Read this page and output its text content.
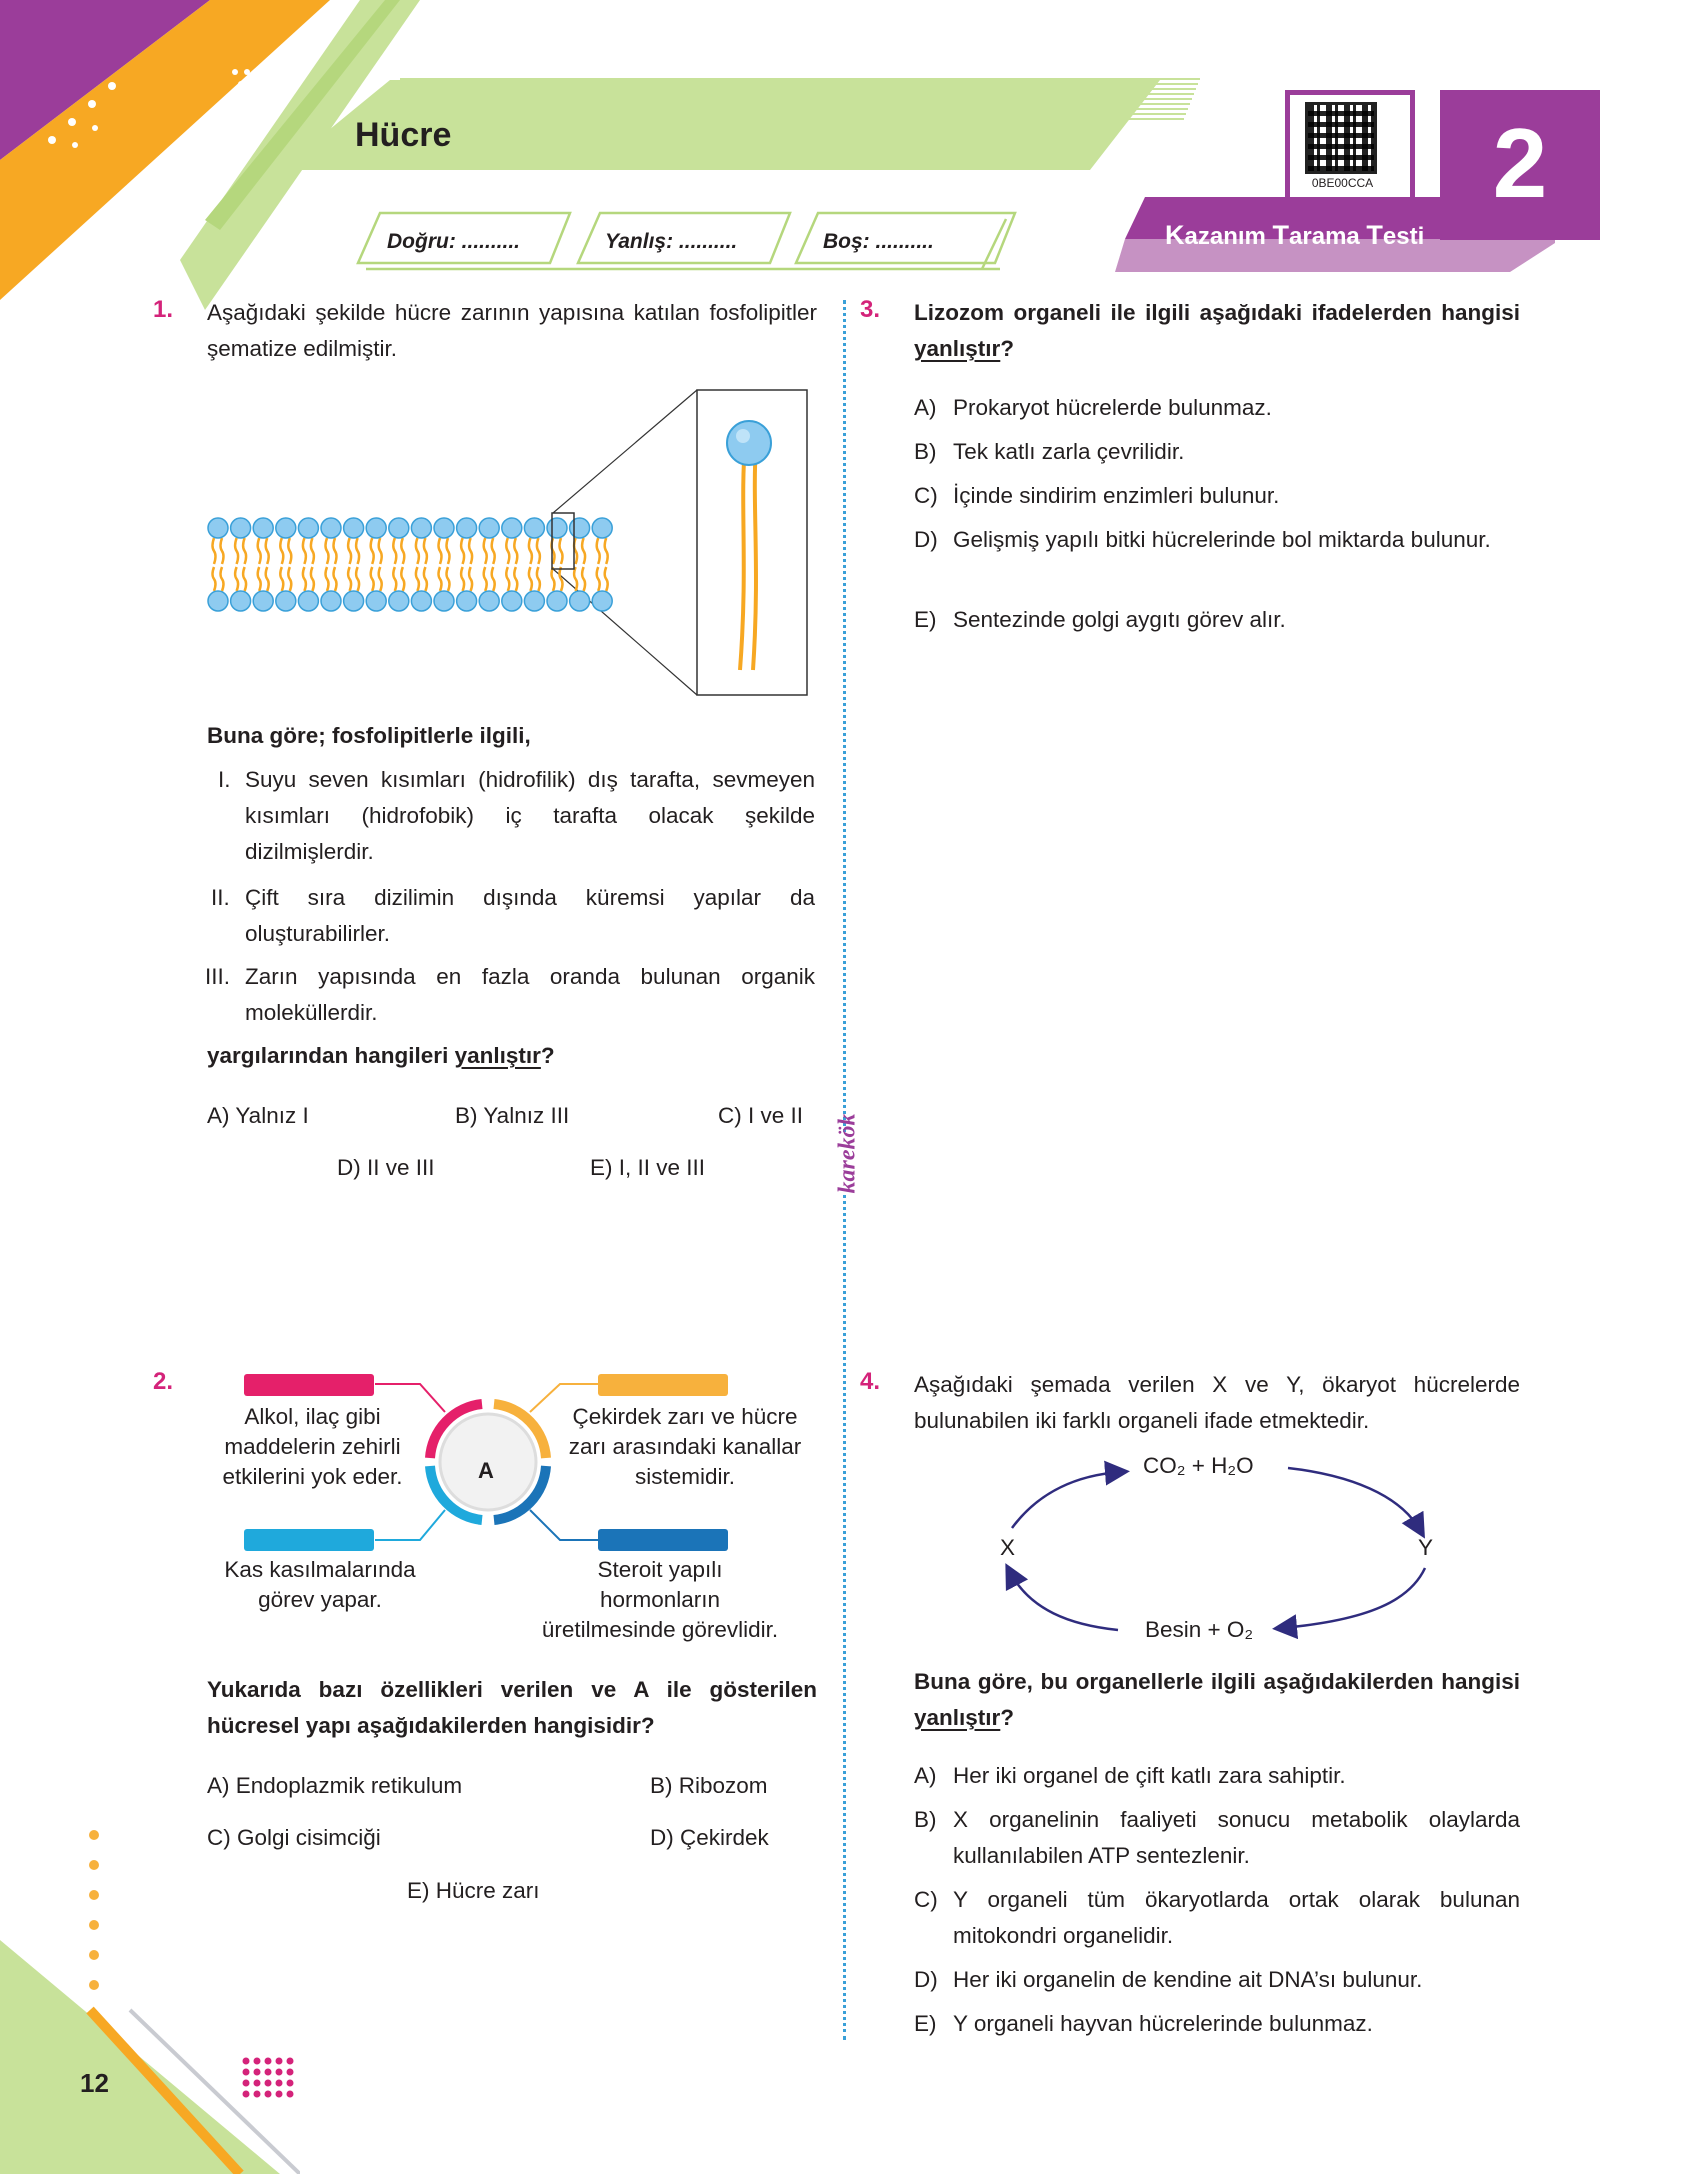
12
Hücre
Doğru: ..........	Yanlış: ..........	Boş: ..........
0BE00CCA
Kazanım Tarama Testi
2
karekök
1. Aşağıdaki şekilde hücre zarının yapısına katılan fosfolipitler şematize edilmiştir.
Buna göre; fosfolipitlerle ilgili,
I. Suyu seven kısımları (hidrofilik) dış tarafta, sevmeyen kısımları (hidrofobik) iç tarafta olacak şekilde dizilmişlerdir.
II. Çift sıra dizilimin dışında küremsi yapılar da oluşturabilirler.
III. Zarın yapısında en fazla oranda bulunan organik moleküllerdir.
yargılarından hangileri yanlıştır?
A) Yalnız I	B) Yalnız III	C) I ve II
D) II ve III	E) I, II ve III
2.
A
Alkol, ilaç gibi maddelerin zehirli etkilerini yok eder.
Çekirdek zarı ve hücre zarı arasındaki kanallar sistemidir.
Kas kasılmalarında görev yapar.
Steroit yapılı hormonların üretilmesinde görevlidir.
Yukarıda bazı özellikleri verilen ve A ile gösterilen hücresel yapı aşağıdakilerden hangisidir?
A) Endoplazmik retikulum	B) Ribozom
C) Golgi cisimciği	D) Çekirdek
E) Hücre zarı
3. Lizozom organeli ile ilgili aşağıdaki ifadelerden hangisi yanlıştır?
A) Prokaryot hücrelerde bulunmaz.
B) Tek katlı zarla çevrilidir.
C) İçinde sindirim enzimleri bulunur.
D) Gelişmiş yapılı bitki hücrelerinde bol miktarda bulunur.
E) Sentezinde golgi aygıtı görev alır.
4. Aşağıdaki şemada verilen X ve Y, ökaryot hücrelerde bulunabilen iki farklı organeli ifade etmektedir.
X	Y
CO₂ + H₂O
Besin + O₂
Buna göre, bu organellerle ilgili aşağıdakilerden hangisi yanlıştır?
A) Her iki organel de çift katlı zara sahiptir.
B) X organelinin faaliyeti sonucu metabolik olaylarda kullanılabilen ATP sentezlenir.
C) Y organeli tüm ökaryotlarda ortak olarak bulunan mitokondri organelidir.
D) Her iki organelin de kendine ait DNA’sı bulunur.
E) Y organeli hayvan hücrelerinde bulunmaz.
